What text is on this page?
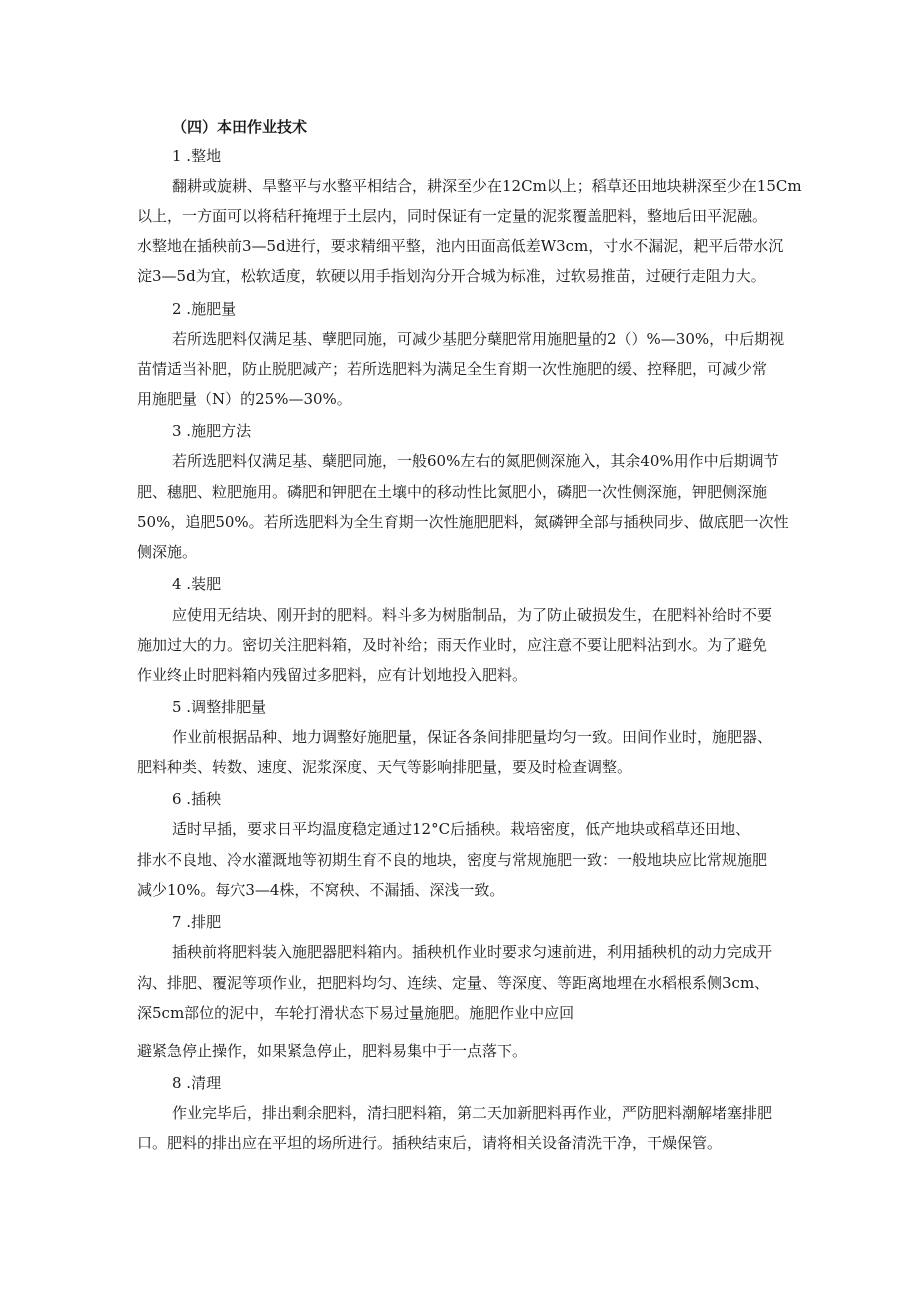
（四）本田作业技术
1 .整地
翻耕或旋耕、旱整平与水整平相结合，耕深至少在12Cm以上；稻草还田地块耕深至少在15Cm
以上，一方面可以将秸秆掩埋于土层内，同时保证有一定量的泥浆覆盖肥料，整地后田平泥融。
水整地在插秧前3—5d进行，要求精细平整，池内田面高低差W3cm，寸水不漏泥，耙平后带水沉
淀3—5d为宜，松软适度，软硬以用手指划沟分开合城为标准，过软易推苗，过硬行走阻力大。
2 .施肥量
若所选肥料仅满足基、孽肥同施，可减少基肥分蘖肥常用施肥量的2（）%—30%，中后期视
苗情适当补肥，防止脱肥减产；若所选肥料为满足全生育期一次性施肥的缓、控释肥，可减少常
用施肥量（N）的25%—30%。
3 .施肥方法
若所选肥料仅满足基、蘖肥同施，一般60%左右的氮肥侧深施入，其余40%用作中后期调节
肥、穗肥、粒肥施用。磷肥和钾肥在土壤中的移动性比氮肥小，磷肥一次性侧深施，钾肥侧深施
50%，追肥50%。若所选肥料为全生育期一次性施肥肥料，氮磷钾全部与插秧同步、做底肥一次性
侧深施。
4 .装肥
应使用无结块、刚开封的肥料。料斗多为树脂制品，为了防止破损发生，在肥料补给时不要
施加过大的力。密切关注肥料箱，及时补给；雨天作业时，应注意不要让肥料沾到水。为了避免
作业终止时肥料箱内残留过多肥料，应有计划地投入肥料。
5 .调整排肥量
作业前根据品种、地力调整好施肥量，保证各条间排肥量均匀一致。田间作业时，施肥器、
肥料种类、转数、速度、泥浆深度、天气等影响排肥量，要及时检查调整。
6 .插秧
适时早插，要求日平均温度稳定通过12°C后插秧。栽培密度，低产地块或稻草还田地、
排水不良地、冷水灌溉地等初期生育不良的地块，密度与常规施肥一致：一般地块应比常规施肥
减少10%。每穴3—4株，不窝秧、不漏插、深浅一致。
7 .排肥
插秧前将肥料装入施肥器肥料箱内。插秧机作业时要求匀速前进，利用插秧机的动力完成开
沟、排肥、覆泥等项作业，把肥料均匀、连续、定量、等深度、等距离地埋在水稻根系侧3cm、
深5cm部位的泥中，车轮打滑状态下易过量施肥。施肥作业中应回
避紧急停止操作，如果紧急停止，肥料易集中于一点落下。
8 .清理
作业完毕后，排出剩余肥料，清扫肥料箱，第二天加新肥料再作业，严防肥料潮解堵塞排肥
口。肥料的排出应在平坦的场所进行。插秧结束后，请将相关设备清洗干净，干燥保管。
